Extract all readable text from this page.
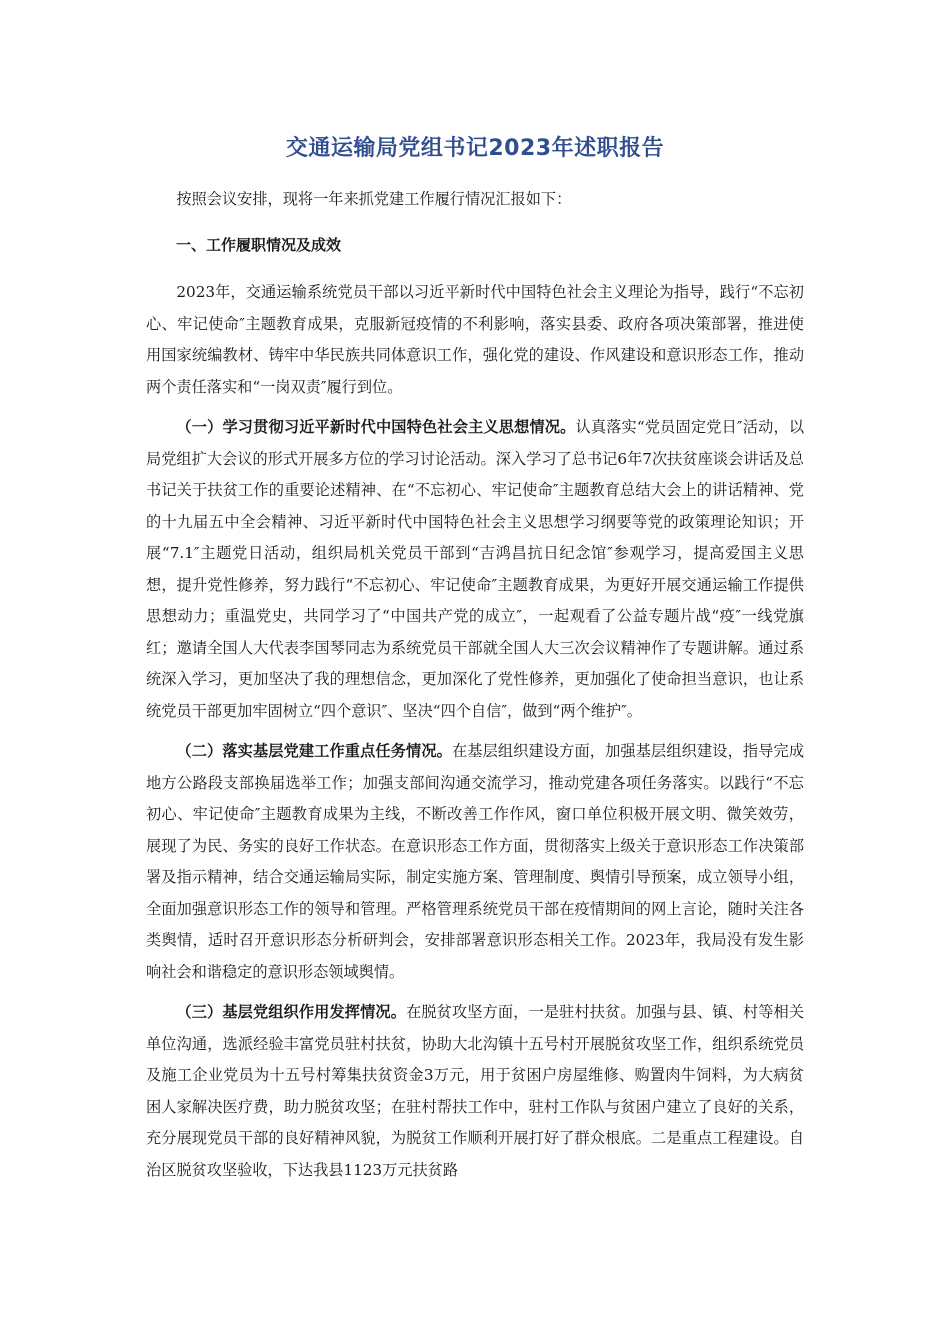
交通运输局党组书记2023年述职报告

按照会议安排，现将一年来抓党建工作履行情况汇报如下：

一、工作履职情况及成效

2023年，交通运输系统党员干部以习近平新时代中国特色社会主义理论为指导，践行“不忘初心、牢记使命″主题教育成果，克服新冠疫情的不利影响，落实县委、政府各项决策部署，推进使用国家统编教材、铸牢中华民族共同体意识工作，强化党的建设、作风建设和意识形态工作，推动两个责任落实和“一岗双责″履行到位。

（一）学习贯彻习近平新时代中国特色社会主义思想情况。认真落实“党员固定党日″活动，以局党组扩大会议的形式开展多方位的学习讨论活动。深入学习了总书记6年7次扶贫座谈会讲话及总书记关于扶贫工作的重要论述精神、在“不忘初心、牢记使命″主题教育总结大会上的讲话精神、党的十九届五中全会精神、习近平新时代中国特色社会主义思想学习纲要等党的政策理论知识；开展“7.1″主题党日活动，组织局机关党员干部到“吉鸿昌抗日纪念馆″参观学习，提高爱国主义思想，提升党性修养，努力践行“不忘初心、牢记使命″主题教育成果，为更好开展交通运输工作提供思想动力；重温党史，共同学习了“中国共产党的成立″，一起观看了公益专题片战“疫″一线党旗红；邀请全国人大代表李国琴同志为系统党员干部就全国人大三次会议精神作了专题讲解。通过系统深入学习，更加坚决了我的理想信念，更加深化了党性修养，更加强化了使命担当意识，也让系统党员干部更加牢固树立“四个意识″、坚决“四个自信″，做到“两个维护″。

（二）落实基层党建工作重点任务情况。在基层组织建设方面，加强基层组织建设，指导完成地方公路段支部换届选举工作；加强支部间沟通交流学习，推动党建各项任务落实。以践行“不忘初心、牢记使命″主题教育成果为主线，不断改善工作作风，窗口单位积极开展文明、微笑效劳，展现了为民、务实的良好工作状态。在意识形态工作方面，贯彻落实上级关于意识形态工作决策部署及指示精神，结合交通运输局实际，制定实施方案、管理制度、舆情引导预案，成立领导小组，全面加强意识形态工作的领导和管理。严格管理系统党员干部在疫情期间的网上言论，随时关注各类舆情，适时召开意识形态分析研判会，安排部署意识形态相关工作。2023年，我局没有发生影响社会和谐稳定的意识形态领域舆情。

（三）基层党组织作用发挥情况。在脱贫攻坚方面，一是驻村扶贫。加强与县、镇、村等相关单位沟通，选派经验丰富党员驻村扶贫，协助大北沟镇十五号村开展脱贫攻坚工作，组织系统党员及施工企业党员为十五号村筹集扶贫资金3万元，用于贫困户房屋维修、购置肉牛饲料，为大病贫困人家解决医疗费，助力脱贫攻坚；在驻村帮扶工作中，驻村工作队与贫困户建立了良好的关系，充分展现党员干部的良好精神风貌，为脱贫工作顺利开展打好了群众根底。二是重点工程建设。自治区脱贫攻坚验收，下达我县1123万元扶贫路
